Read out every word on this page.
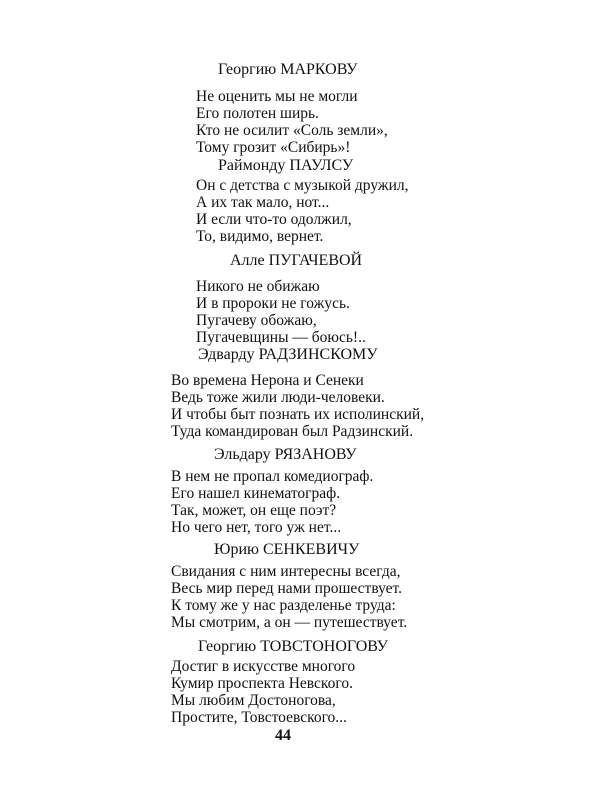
Георгию МАРКОВУ
Не оценить мы не могли
Его полотен ширь.
Кто не осилит «Соль земли»,
Тому грозит «Сибирь»!
Раймонду ПАУЛСУ
Он с детства с музыкой дружил,
А их так мало, нот...
И если что-то одолжил,
То, видимо, вернет.
Алле ПУГАЧЕВОЙ
Никого не обижаю
И в пророки не гожусь.
Пугачеву обожаю,
Пугачевщины — боюсь!..
Эдварду РАДЗИНСКОМУ
Во времена Нерона и Сенеки
Ведь тоже жили люди-человеки.
И чтобы быт познать их исполинский,
Туда командирован был Радзинский.
Эльдару РЯЗАНОВУ
В нем не пропал комедиограф.
Его нашел кинематограф.
Так, может, он еще поэт?
Но чего нет, того уж нет...
Юрию СЕНКЕВИЧУ
Свидания с ним интересны всегда,
Весь мир перед нами прошествует.
К тому же у нас разделенье труда:
Мы смотрим, а он — путешествует.
Георгию ТОВСТОНОГОВУ
Достиг в искусстве многого
Кумир проспекта Невского.
Мы любим Достоногова,
Простите, Товстоевского...
44
